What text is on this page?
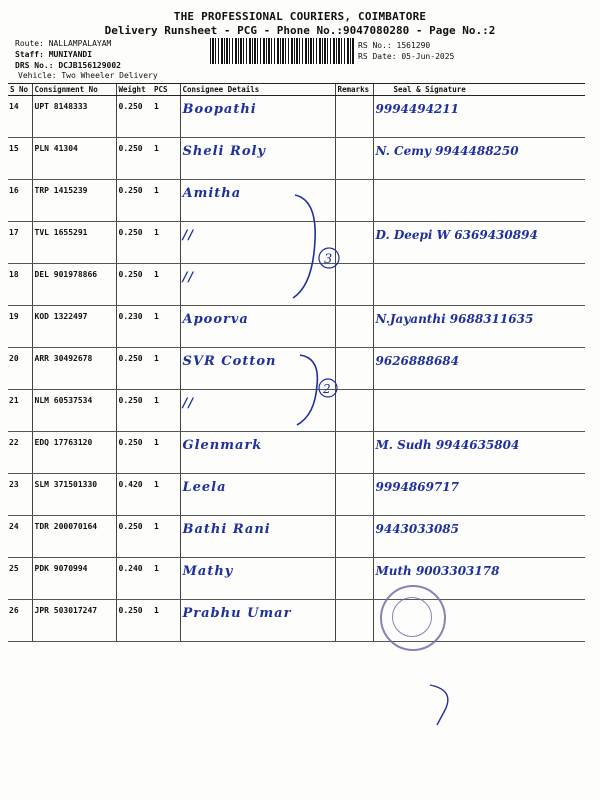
THE PROFESSIONAL COURIERS, COIMBATORE
Delivery Runsheet - PCG - Phone No.:9047080280 - Page No.:2
Route: NALLAMPALAYAM
Staff: MUNIYANDI
DRS No.: DCJB156129002
RS No.: 1561290
RS Date: 05-Jun-2025
Vehicle: Two Wheeler Delivery
S No	Consignment No	Weight	PCS	Consignee Details	Remarks	Seal & Signature
14	UPT 8148333	0.250	1	Boopathi		9994494211
15	PLN 41304	0.250	1	Sheli Roly		N. Cemy 9944488250
16	TRP 1415239	0.250	1	Amitha		
17	TVL 1655291	0.250	1	//		D. Deepi W 6369430894
18	DEL 901978866	0.250	1	//		
19	KOD 1322497	0.230	1	Apoorva		N.Jayanthi 9688311635
20	ARR 30492678	0.250	1	SVR Cotton		9626888684
21	NLM 60537534	0.250	1	//		
22	EDQ 17763120	0.250	1	Glenmark		M. Sudh 9944635804
23	SLM 371501330	0.420	1	Leela		9994869717
24	TDR 200070164	0.250	1	Bathi Rani		9443033085
25	PDK 9070994	0.240	1	Mathy		Muth 9003303178
26	JPR 503017247	0.250	1	Prabhu Umar		
3
2
